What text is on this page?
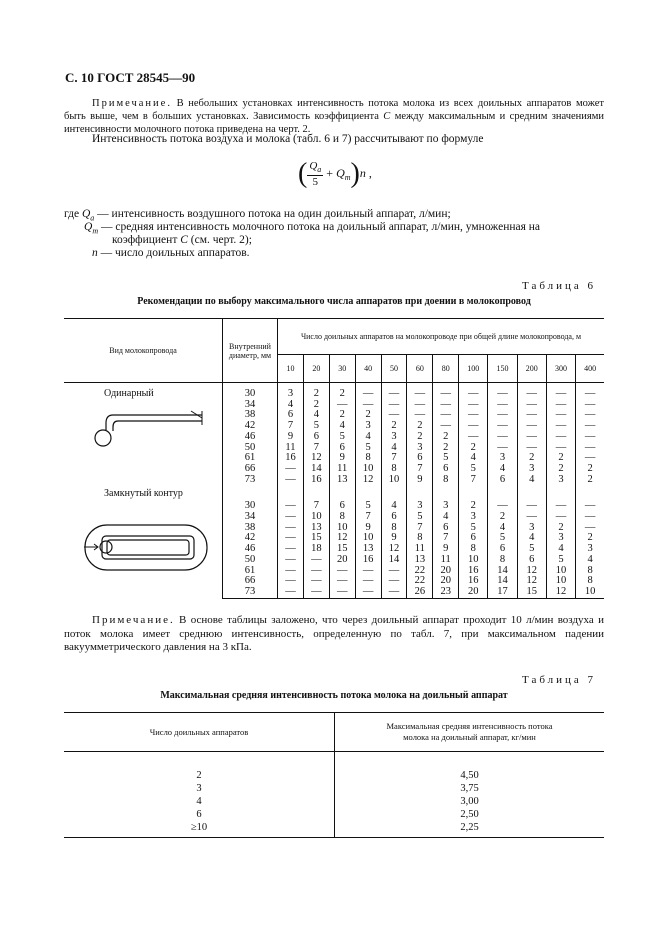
С. 10 ГОСТ 28545—90
Примечание. В небольших установках интенсивность потока молока из всех доильных аппаратов может быть выше, чем в больших установках. Зависимость коэффициента C между максимальным и средним значениями интенсивности молочного потока приведена на черт. 2.
Интенсивность потока воздуха и молока (табл. 6 и 7) рассчитывают по формуле
( $\frac{Q_a}{5} + Q_m)n$ ,
где $Q_a$ — интенсивность воздушного потока на один доильный аппарат, л/мин;
$Q_m$ — средняя интенсивность молочного потока на доильный аппарат, л/мин, умноженная на
коэффициент C (см. черт. 2);
n — число доильных аппаратов.
Таблица 6
Рекомендации по выбору максимального числа аппаратов при доении в молокопровод
Вид молокопровода	Внутренний диаметр, мм	Число доильных аппаратов на молокопроводе при общей длине молокопровода, м											
		10	20	30	40	50	60	80	100	150	200	300	400
Одинарный	30	3	2	2	—	—	—	—	—	—	—	—	—
	34	4	2	—	—	—	—	—	—	—	—	—	—
	38	6	4	2	2	—	—	—	—	—	—	—	—
	42	7	5	4	3	2	2	—	—	—	—	—	—
	46	9	6	5	4	3	2	2	—	—	—	—	—
	50	11	7	6	5	4	3	2	2	—	—	—	—
	61	16	12	9	8	7	6	5	4	3	2	2	—
	66	—	14	11	10	8	7	6	5	4	3	2	2
	73	—	16	13	12	10	9	8	7	6	4	3	2
Замкнутый контур	30	—	7	6	5	4	3	3	2	—	—	—	—
	34	—	10	8	7	6	5	4	3	2	—	—	—
	38	—	13	10	9	8	7	6	5	4	3	2	—
	42	—	15	12	10	9	8	7	6	5	4	3	2
	46	—	18	15	13	12	11	9	8	6	5	4	3
	50	—	—	20	16	14	13	11	10	8	6	5	4
	61	—	—	—	—	—	22	20	16	14	12	10	8
	66	—	—	—	—	—	22	20	16	14	12	10	8
	73	—	—	—	—	—	26	23	20	17	15	12	10
Примечание. В основе таблицы заложено, что через доильный аппарат проходит 10 л/мин воздуха и поток молока имеет среднюю интенсивность, определенную по табл. 7, при максимальном падении вакуумметрического давления на 3 кПа.
Таблица 7
Максимальная средняя интенсивность потока молока на доильный аппарат
Число доильных аппаратов	Максимальная средняя интенсивность потока молока на доильный аппарат, кг/мин
2	4,50
3	3,75
4	3,00
6	2,50
≥10	2,25
